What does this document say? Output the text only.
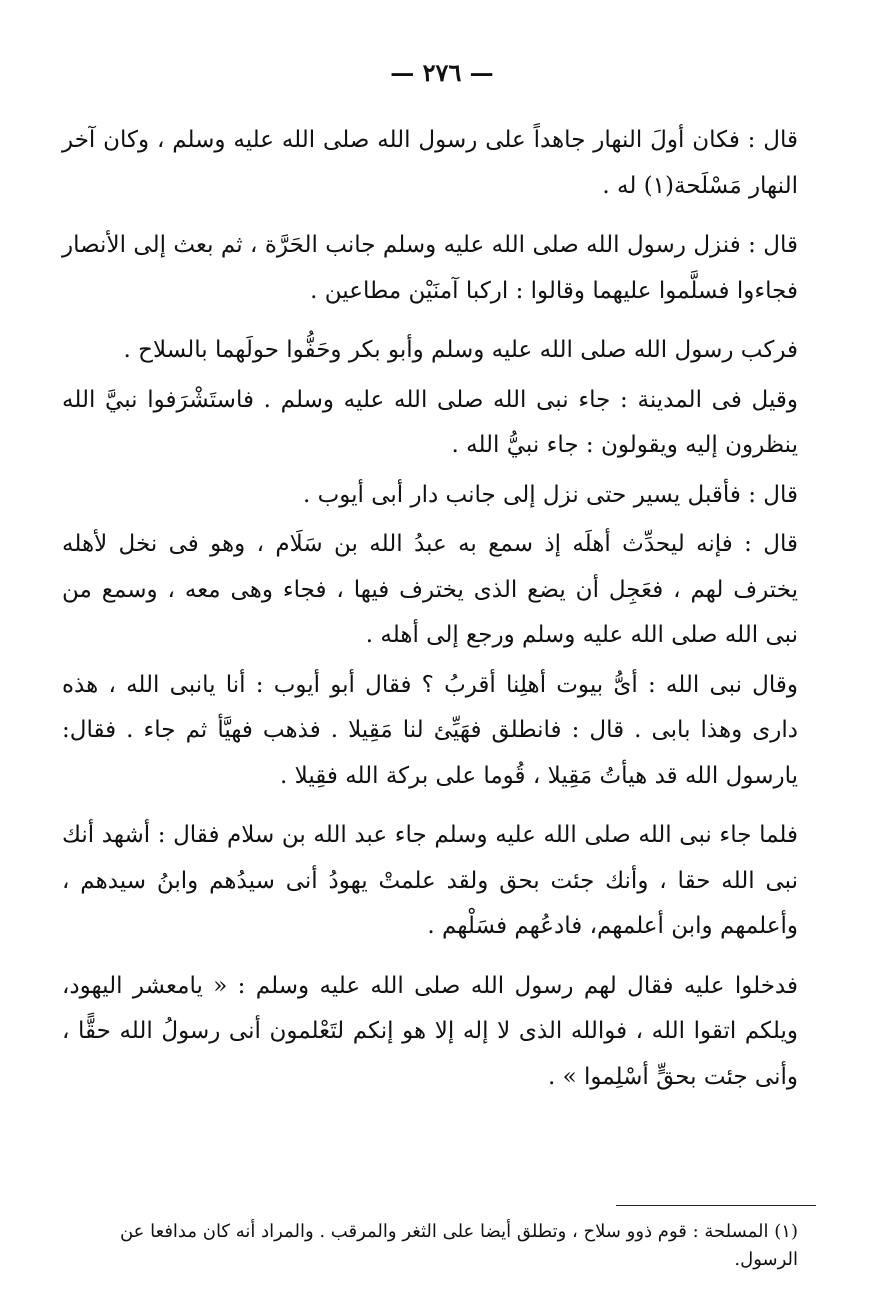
— ٢٧٦ —

قال : فكان أولَ النهار جاهداً على رسول الله صلى الله عليه وسلم ، وكان آخر النهار مَسْلَحة(١) له .

قال : فنزل رسول الله صلى الله عليه وسلم جانب الحَرَّة ، ثم بعث إلى الأنصار فجاءوا فسلَّموا عليهما وقالوا : اركبا آمنَيْن مطاعين .

فركب رسول الله صلى الله عليه وسلم وأبو بكر وحَفُّوا حولَهما بالسلاح .

وقيل فى المدينة : جاء نبى الله صلى الله عليه وسلم . فاستَشْرَفوا نبيَّ الله ينظرون إليه ويقولون : جاء نبيُّ الله .

قال : فأقبل يسير حتى نزل إلى جانب دار أبى أيوب .

قال : فإنه ليحدِّث أهلَه إذ سمع به عبدُ الله بن سَلَام ، وهو فى نخل لأهله يخترف لهم ، فعَجِل أن يضع الذى يخترف فيها ، فجاء وهى معه ، وسمع من نبى الله صلى الله عليه وسلم ورجع إلى أهله .

وقال نبى الله : أىُّ بيوت أهلِنا أقربُ ؟ فقال أبو أيوب : أنا يانبى الله ، هذه دارى وهذا بابى . قال : فانطلق فهَيِّئ لنا مَقِيلا . فذهب فهيَّأ ثم جاء . فقال: يارسول الله قد هيأتُ مَقِيلا ، قُوما على بركة الله فقِيلا .

فلما جاء نبى الله صلى الله عليه وسلم جاء عبد الله بن سلام فقال : أشهد أنك نبى الله حقا ، وأنك جئت بحق ولقد علمتْ يهودُ أنى سيدُهم وابنُ سيدهم ، وأعلمهم وابن أعلمهم، فادعُهم فسَلْهم .

فدخلوا عليه فقال لهم رسول الله صلى الله عليه وسلم : « يامعشر اليهود، ويلكم اتقوا الله ، فوالله الذى لا إله إلا هو إنكم لتَعْلمون أنى رسولُ الله حقًّا ، وأنى جئت بحقٍّ أسْلِموا » .

(١) المسلحة : قوم ذوو سلاح ، وتطلق أيضا على الثغر والمرقب . والمراد أنه كان مدافعا عن الرسول.
